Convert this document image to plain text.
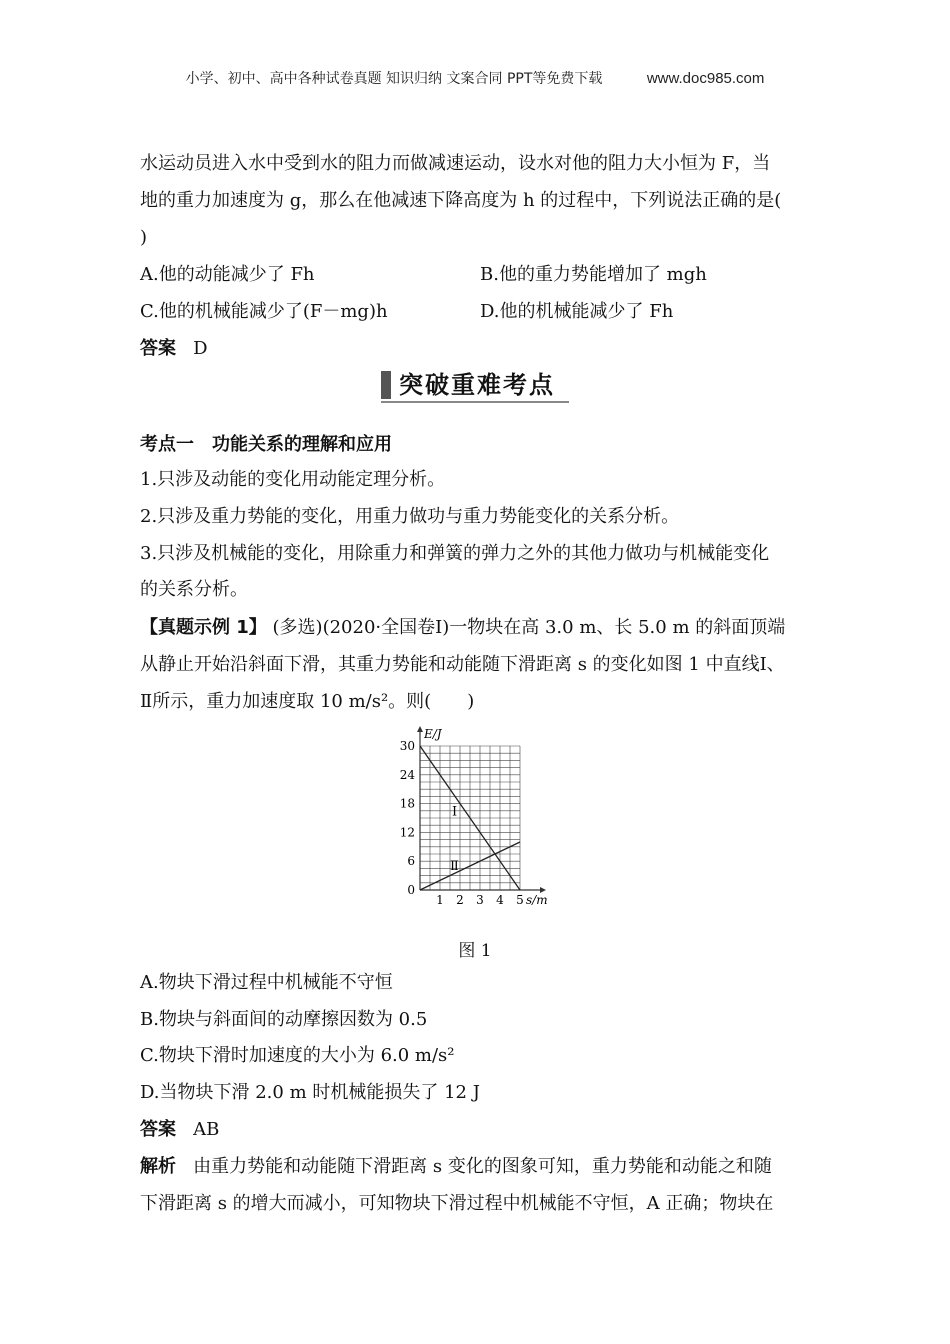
小学、初中、高中各种试卷真题 知识归纳 文案合同 PPT等免费下载	www.doc985.com
水运动员进入水中受到水的阻力而做减速运动，设水对他的阻力大小恒为 F，当
地的重力加速度为 g，那么在他减速下降高度为 h 的过程中，下列说法正确的是(
)
A.他的动能减少了 Fh	B.他的重力势能增加了 mgh
C.他的机械能减少了(F－mg)h	D.他的机械能减少了 Fh
答案 D
突破重难考点
考点一　功能关系的理解和应用
1.只涉及动能的变化用动能定理分析。
2.只涉及重力势能的变化，用重力做功与重力势能变化的关系分析。
3.只涉及机械能的变化，用除重力和弹簧的弹力之外的其他力做功与机械能变化
的关系分析。
【真题示例 1】 (多选)(2020·全国卷Ⅰ)一物块在高 3.0 m、长 5.0 m 的斜面顶端
从静止开始沿斜面下滑，其重力势能和动能随下滑距离 s 的变化如图 1 中直线Ⅰ、
Ⅱ所示，重力加速度取 10 m/s²。则(　　)
0
6
12
18
24
30
1 2 3 4 5
Ⅰ
Ⅱ
E/J
s/m
图 1
A.物块下滑过程中机械能不守恒
B.物块与斜面间的动摩擦因数为 0.5
C.物块下滑时加速度的大小为 6.0 m/s²
D.当物块下滑 2.0 m 时机械能损失了 12 J
答案 AB
解析 由重力势能和动能随下滑距离 s 变化的图象可知，重力势能和动能之和随
下滑距离 s 的增大而减小，可知物块下滑过程中机械能不守恒，A 正确；物块在
